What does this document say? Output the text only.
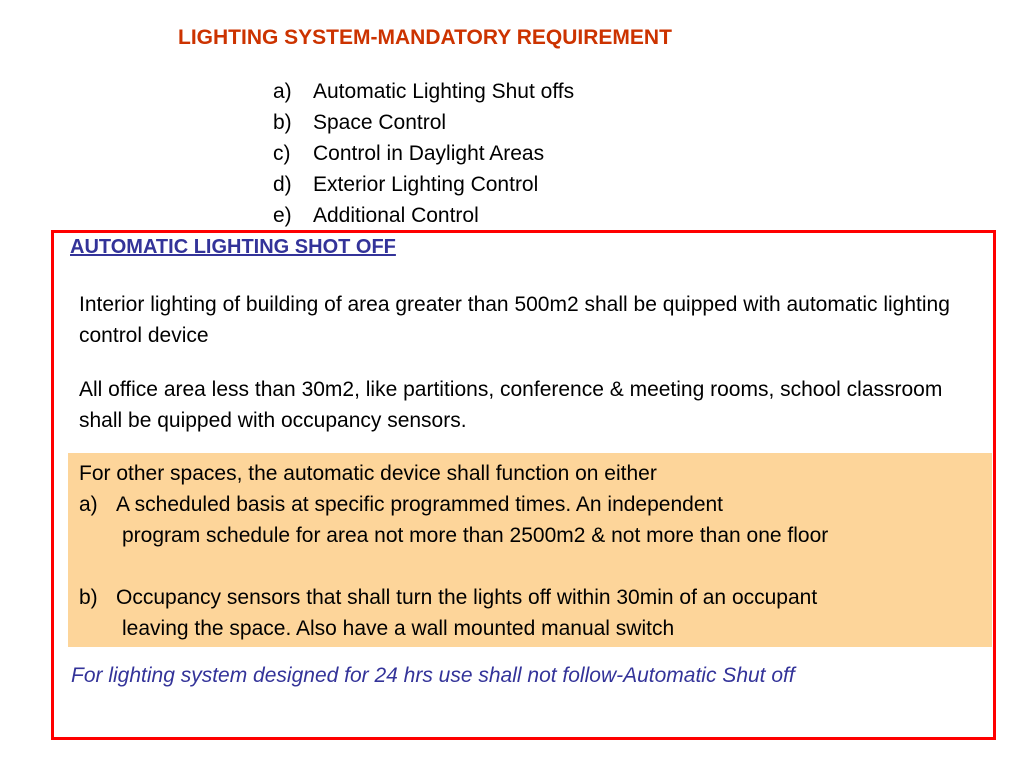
LIGHTING SYSTEM-MANDATORY REQUIREMENT
a)	Automatic Lighting Shut offs
b)	Space Control
c)	Control in Daylight Areas
d)	Exterior Lighting Control
e)	Additional Control
AUTOMATIC LIGHTING SHOT OFF

Interior lighting of building of area greater than 500m2 shall be quipped with automatic lighting control device

All office area less than 30m2, like partitions, conference & meeting rooms, school classroom shall be quipped with occupancy sensors.

For other spaces, the automatic device shall function on either

a) A scheduled basis at specific programmed times. An independent
program schedule for area not more than 2500m2 & not more than one floor
b) Occupancy sensors that shall turn the lights off within 30min of an occupant
leaving the space. Also have a wall mounted manual switch
For lighting system designed for 24 hrs use shall not follow-Automatic Shut off
